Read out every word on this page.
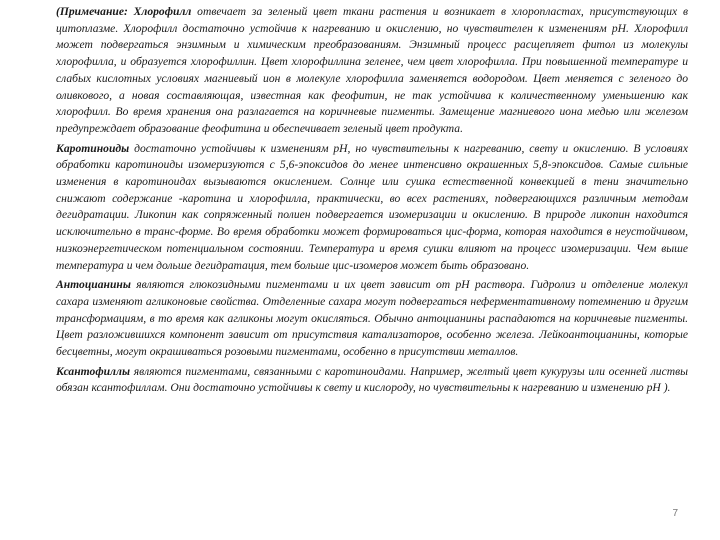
(Примечание: Хлорофилл отвечает за зеленый цвет ткани растения и возникает в хлоропластах, присутствующих в цитоплазме. Хлорофилл достаточно устойчив к нагреванию и окислению, но чувствителен к изменениям pH. Хлорофилл может подвергаться энзимным и химическим преобразованиям. Энзимный процесс расщепляет фитол из молекулы хлорофилла, и образуется хлорофиллин. Цвет хлорофиллина зеленее, чем цвет хлорофилла. При повышенной температуре и слабых кислотных условиях магниевый ион в молекуле хлорофилла заменяется водородом. Цвет меняется с зеленого до оливкового, а новая составляющая, известная как феофитин, не так устойчива к количественному уменьшению как хлорофилл. Во время хранения она разлагается на коричневые пигменты. Замещение магниевого иона медью или железом предупреждает образование феофитина и обеспечивает зеленый цвет продукта.

Каротиноиды достаточно устойчивы к изменениям pH, но чувствительны к нагреванию, свету и окислению. В условиях обработки каротиноиды изомеризуются с 5,6-эпоксидов до менее интенсивно окрашенных 5,8-эпоксидов. Самые сильные изменения в каротиноидах вызываются окислением. Солнце или сушка естественной конвекцией в тени значительно снижают содержание -каротина и хлорофилла, практически, во всех растениях, подвергающихся различным методам дегидратации. Ликопин как сопряженный полиен подвергается изомеризации и окислению. В природе ликопин находится исключительно в транс-форме. Во время обработки может формироваться цис-форма, которая находится в неустойчивом, низкоэнергетическом потенциальном состоянии. Температура и время сушки влияют на процесс изомеризации. Чем выше температура и чем дольше дегидратация, тем больше цис-изомеров может быть образовано.

Антоцианины являются глюкозидными пигментами и их цвет зависит от pH раствора. Гидролиз и отделение молекул сахара изменяют агликоновые свойства. Отделенные сахара могут подвергаться неферментативному потемнению и другим трансформациям, в то время как агликоны могут окисляться. Обычно антоцианины распадаются на коричневые пигменты. Цвет разложившихся компонент зависит от присутствия катализаторов, особенно железа. Лейкоантоцианины, которые бесцветны, могут окрашиваться розовыми пигментами, особенно в присутствии металлов.

Ксантофиллы являются пигментами, связанными с каротиноидами. Например, желтый цвет кукурузы или осенней листвы обязан ксантофиллам. Они достаточно устойчивы к свету и кислороду, но чувствительны к нагреванию и изменению pH ).

7
